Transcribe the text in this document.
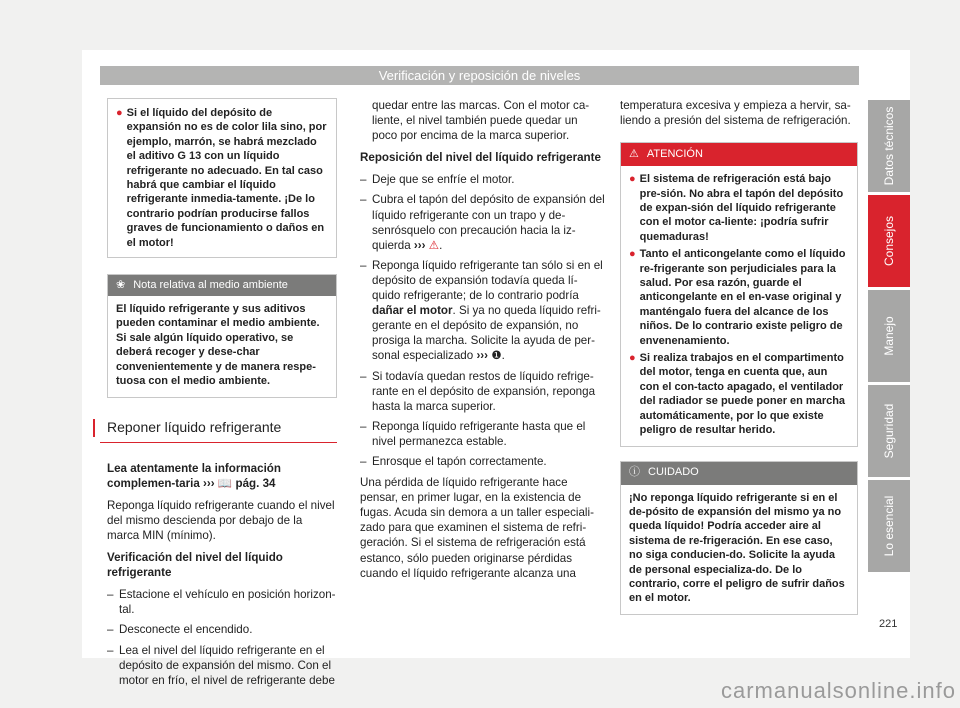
Verificación y reposición de niveles
● Si el líquido del depósito de expansión no es de color lila sino, por ejemplo, marrón, se habrá mezclado el aditivo G 13 con un líquido refrigerante no adecuado. En tal caso habrá que cambiar el líquido refrigerante inmedia-tamente. ¡De lo contrario podrían producirse fallos graves de funcionamiento o daños en el motor!
❀ Nota relativa al medio ambiente
El líquido refrigerante y sus aditivos pueden contaminar el medio ambiente. Si sale algún líquido operativo, se deberá recoger y dese-char convenientemente y de manera respe-tuosa con el medio ambiente.
Reponer líquido refrigerante
Lea atentamente la información complemen-taria ››› 📖 pág. 34
Reponga líquido refrigerante cuando el nivel del mismo descienda por debajo de la marca MIN (mínimo).
Verificación del nivel del líquido refrigerante
– Estacione el vehículo en posición horizon-tal.
– Desconecte el encendido.
– Lea el nivel del líquido refrigerante en el depósito de expansión del mismo. Con el motor en frío, el nivel de refrigerante debe
quedar entre las marcas. Con el motor ca-liente, el nivel también puede quedar un poco por encima de la marca superior.
Reposición del nivel del líquido refrigerante
– Deje que se enfríe el motor.
– Cubra el tapón del depósito de expansión del líquido refrigerante con un trapo y de-senrósquelo con precaución hacia la iz-quierda ››› ⚠.
– Reponga líquido refrigerante tan sólo si en el depósito de expansión todavía queda lí-quido refrigerante; de lo contrario podría dañar el motor. Si ya no queda líquido refri-gerante en el depósito de expansión, no prosiga la marcha. Solicite la ayuda de per-sonal especializado ››› ❶.
– Si todavía quedan restos de líquido refrige-rante en el depósito de expansión, reponga hasta la marca superior.
– Reponga líquido refrigerante hasta que el nivel permanezca estable.
– Enrosque el tapón correctamente.
Una pérdida de líquido refrigerante hace pensar, en primer lugar, en la existencia de fugas. Acuda sin demora a un taller especiali-zado para que examinen el sistema de refri-geración. Si el sistema de refrigeración está estanco, sólo pueden originarse pérdidas cuando el líquido refrigerante alcanza una
temperatura excesiva y empieza a hervir, sa-liendo a presión del sistema de refrigeración.
⚠ ATENCIÓN
● El sistema de refrigeración está bajo pre-sión. No abra el tapón del depósito de expan-sión del líquido refrigerante con el motor ca-liente: ¡podría sufrir quemaduras!
● Tanto el anticongelante como el líquido re-frigerante son perjudiciales para la salud. Por esa razón, guarde el anticongelante en el en-vase original y manténgalo fuera del alcance de los niños. De lo contrario existe peligro de envenenamiento.
● Si realiza trabajos en el compartimento del motor, tenga en cuenta que, aun con el con-tacto apagado, el ventilador del radiador se puede poner en marcha automáticamente, por lo que existe peligro de resultar herido.
ⓘ CUIDADO
¡No reponga líquido refrigerante si en el de-pósito de expansión del mismo ya no queda líquido! Podría acceder aire al sistema de re-frigeración. En ese caso, no siga conducien-do. Solicite la ayuda de personal especializa-do. De lo contrario, corre el peligro de sufrir daños en el motor.
Datos técnicos
Consejos
Manejo
Seguridad
Lo esencial
221
carmanualsonline.info
